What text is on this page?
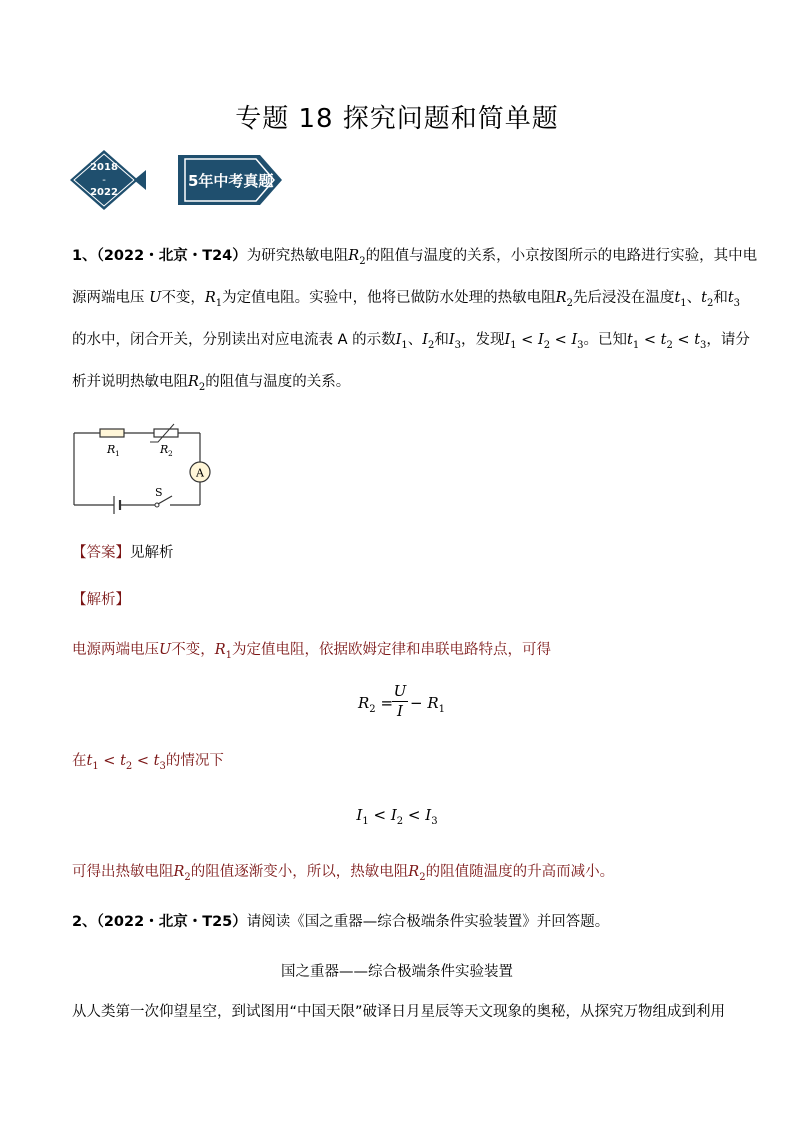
专题 18 探究问题和简单题
2018
-
2022
5年中考真题
1、（2022・北京・T24）为研究热敏电阻$R_2$的阻值与温度的关系，小京按图所示的电路进行实验，其中电
源两端电压 U不变，$R_1$为定值电阻。实验中，他将已做防水处理的热敏电阻$R_2$先后浸没在温度$t_1$、$t_2$和$t_3$
的水中，闭合开关，分别读出对应电流表 A 的示数$I_1$、$I_2$和$I_3$，发现$I_1 < I_2 < I_3$。已知$t_1 < t_2 < t_3$，请分
析并说明热敏电阻$R_2$的阻值与温度的关系。
A
S
R 1	R 2
【答案】见解析
【解析】
电源两端电压U不变，$R_1$为定值电阻，依据欧姆定律和串联电路特点，可得
$R_2$ =
U
$I - R_1$
在$t_1 < t_2 < t_3$的情况下
$I_1 < I_2 < I_3$
可得出热敏电阻$R_2$的阻值逐渐变小，所以，热敏电阻$R_2$的阻值随温度的升高而减小。
2、（2022・北京・T25）请阅读《国之重器—综合极端条件实验装置》并回答题。
国之重器——综合极端条件实验装置
从人类第一次仰望星空，到试图用“中国天限”破译日月星辰等天文现象的奥秘，从探究万物组成到利用
